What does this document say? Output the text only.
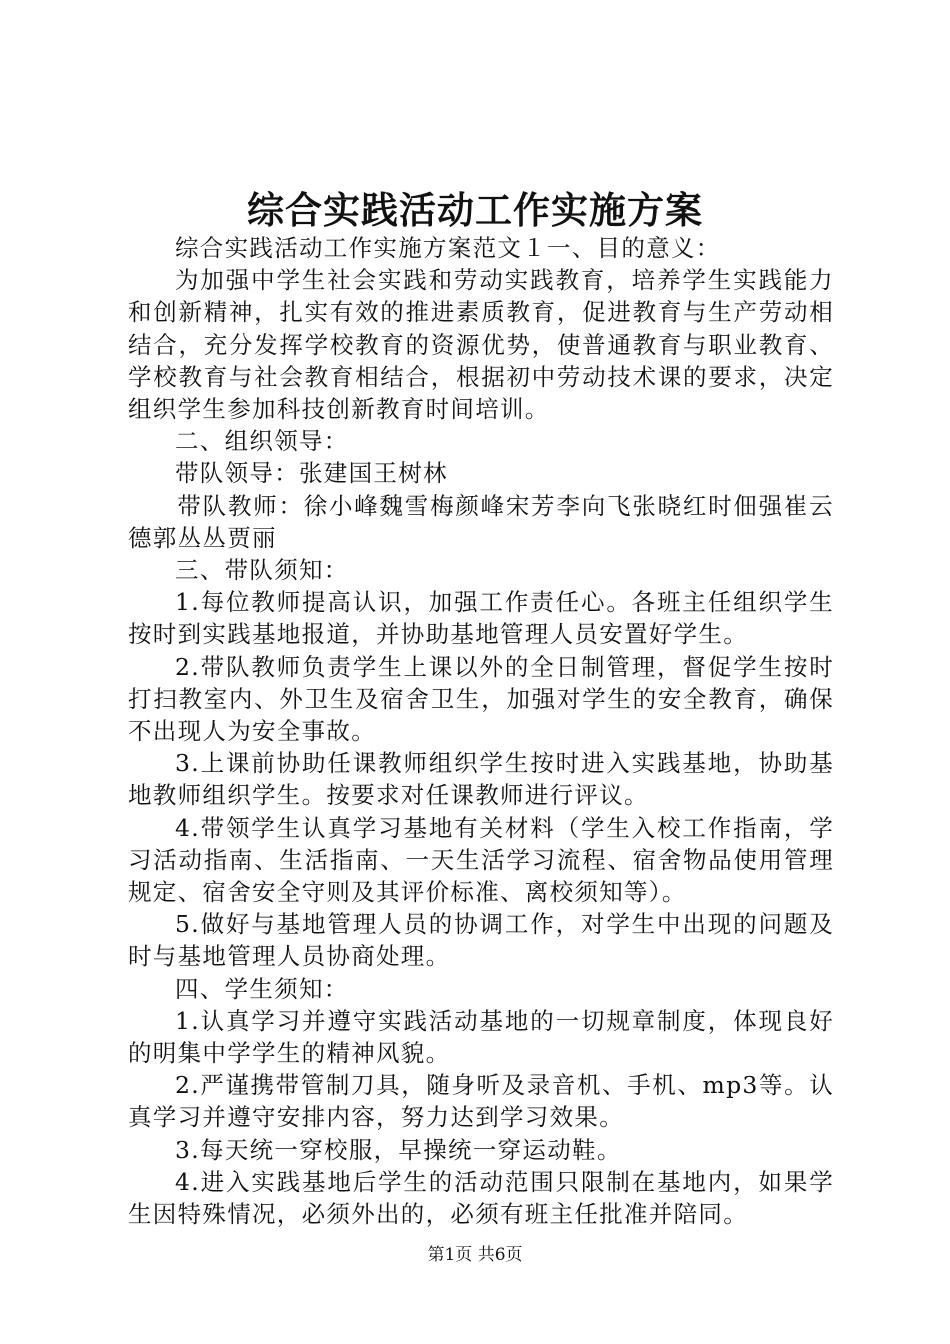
综合实践活动工作实施方案

综合实践活动工作实施方案范文１一、目的意义：

为加强中学生社会实践和劳动实践教育，培养学生实践能力和创新精神，扎实有效的推进素质教育，促进教育与生产劳动相结合，充分发挥学校教育的资源优势，使普通教育与职业教育、学校教育与社会教育相结合，根据初中劳动技术课的要求，决定组织学生参加科技创新教育时间培训。

二、组织领导：

带队领导：张建国王树林

带队教师：徐小峰魏雪梅颜峰宋芳李向飞张晓红时佃强崔云德郭丛丛贾丽

三、带队须知：

1.每位教师提高认识，加强工作责任心。各班主任组织学生按时到实践基地报道，并协助基地管理人员安置好学生。

2.带队教师负责学生上课以外的全日制管理，督促学生按时打扫教室内、外卫生及宿舍卫生，加强对学生的安全教育，确保不出现人为安全事故。

3.上课前协助任课教师组织学生按时进入实践基地，协助基地教师组织学生。按要求对任课教师进行评议。

4.带领学生认真学习基地有关材料（学生入校工作指南，学习活动指南、生活指南、一天生活学习流程、宿舍物品使用管理规定、宿舍安全守则及其评价标准、离校须知等）。

5.做好与基地管理人员的协调工作，对学生中出现的问题及时与基地管理人员协商处理。

四、学生须知：

1.认真学习并遵守实践活动基地的一切规章制度，体现良好的明集中学学生的精神风貌。

2.严谨携带管制刀具，随身听及录音机、手机、mp3等。认真学习并遵守安排内容，努力达到学习效果。

3.每天统一穿校服，早操统一穿运动鞋。

4.进入实践基地后学生的活动范围只限制在基地内，如果学生因特殊情况，必须外出的，必须有班主任批准并陪同。

第1页 共6页
